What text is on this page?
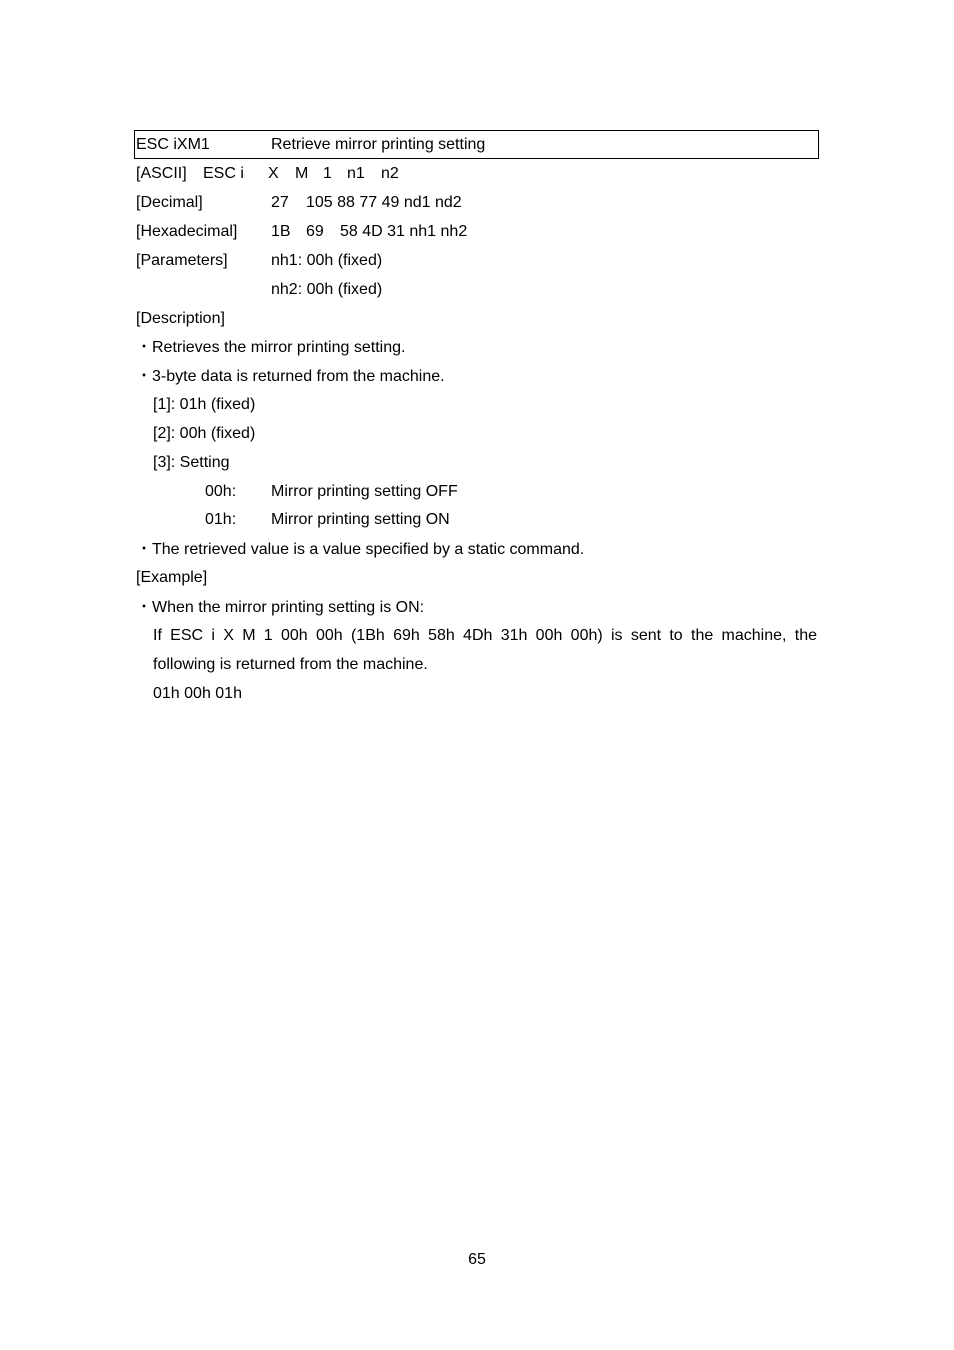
ESC iXM1	Retrieve mirror printing setting
[ASCII] ESC i X M 1 n1 n2
[Decimal]	27 105 88 77 49 nd1 nd2
[Hexadecimal] 1B 69 58 4D 31 nh1 nh2
[Parameters]	nh1: 00h (fixed)
nh2: 00h (fixed)
[Description]
・Retrieves the mirror printing setting.
・3-byte data is returned from the machine.
[1]: 01h (fixed)
[2]: 00h (fixed)
[3]: Setting
00h: Mirror printing setting OFF
01h: Mirror printing setting ON
・The retrieved value is a value specified by a static command.
[Example]
・When the mirror printing setting is ON:
If ESC i X M 1 00h 00h (1Bh 69h 58h 4Dh 31h 00h 00h) is sent to the machine, the
following is returned from the machine.
01h 00h 01h
65
